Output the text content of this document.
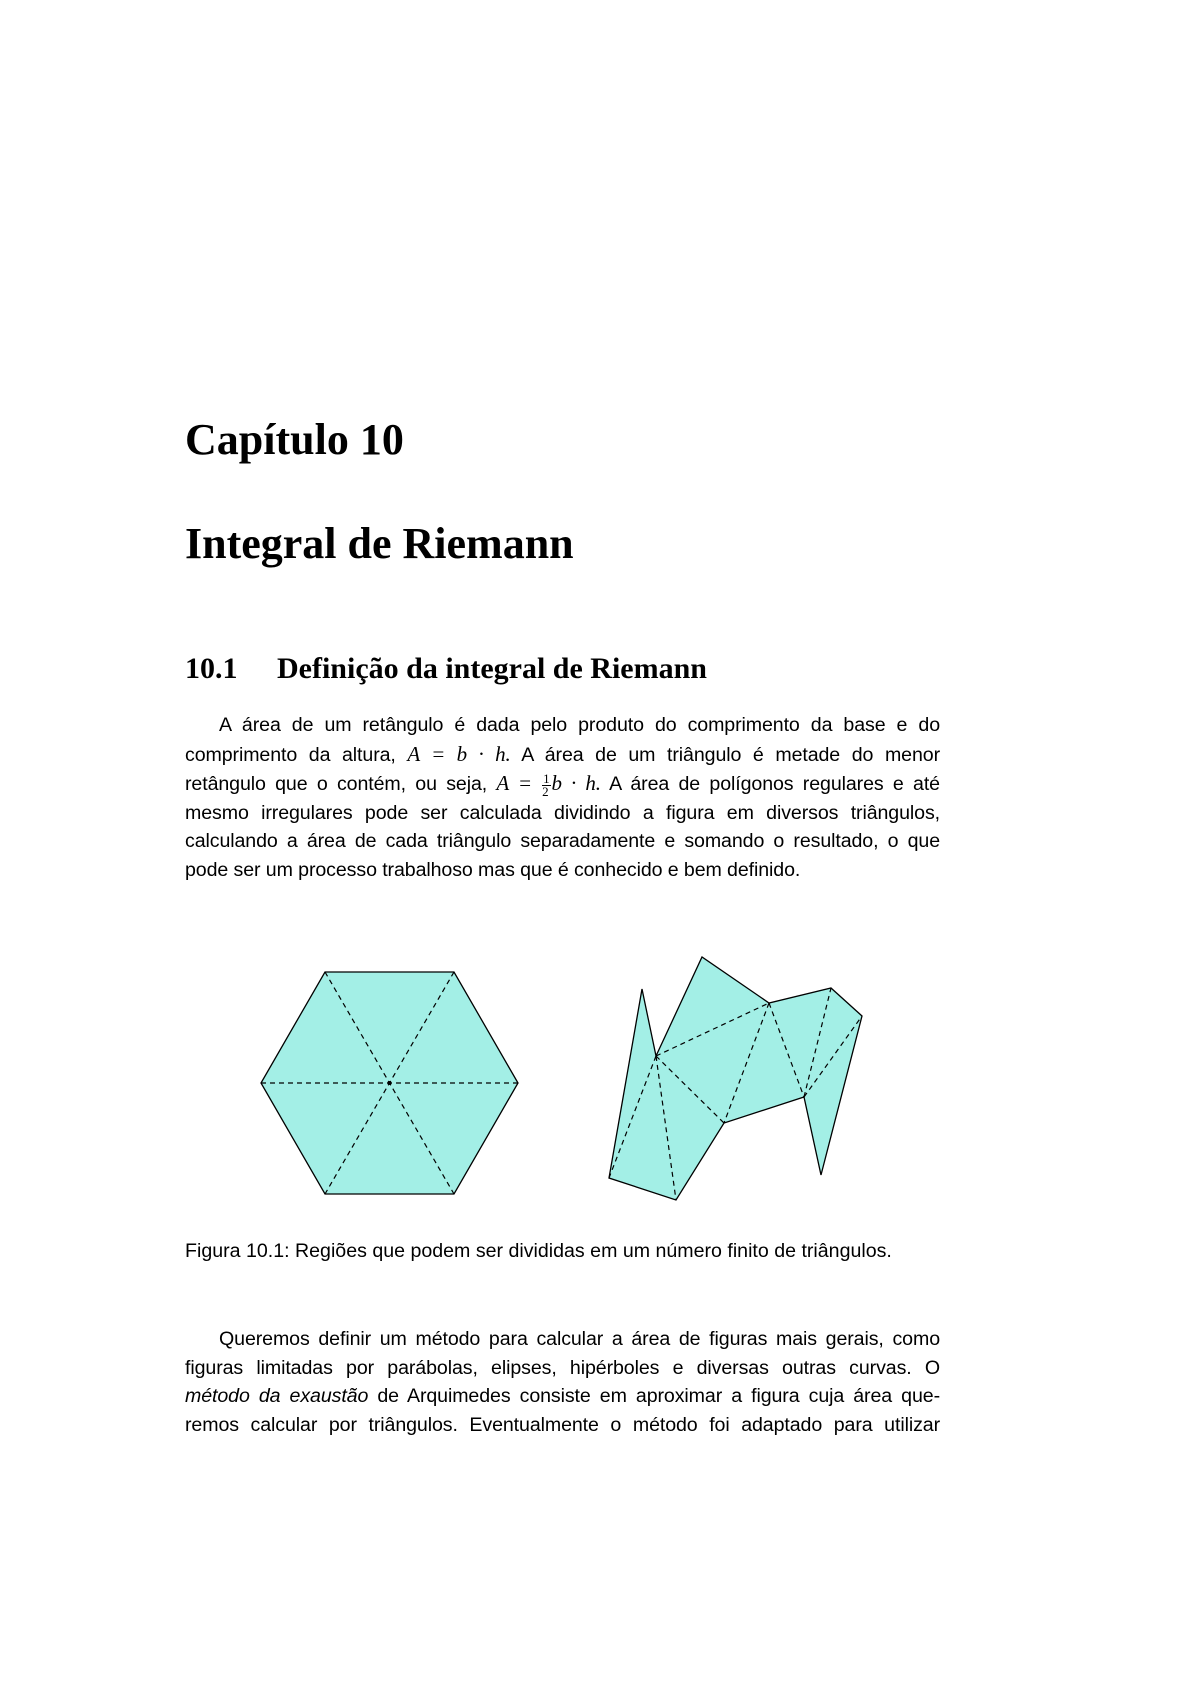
Capítulo 10
Integral de Riemann
10.1 Definição da integral de Riemann
A área de um retângulo é dada pelo produto do comprimento da base e do
comprimento da altura, A = b · h. A área de um triângulo é metade do menor
retângulo que o contém, ou seja, $A = \frac{1}{2}$ b · h. A área de polígonos regulares e até
mesmo irregulares pode ser calculada dividindo a figura em diversos triângulos,
calculando a área de cada triângulo separadamente e somando o resultado, o que
pode ser um processo trabalhoso mas que é conhecido e bem definido.
Figura 10.1: Regiões que podem ser divididas em um número finito de triângulos.
Queremos definir um método para calcular a área de figuras mais gerais, como
figuras limitadas por parábolas, elipses, hipérboles e diversas outras curvas. O
método da exaustão de Arquimedes consiste em aproximar a figura cuja área que-
remos calcular por triângulos. Eventualmente o método foi adaptado para utilizar
